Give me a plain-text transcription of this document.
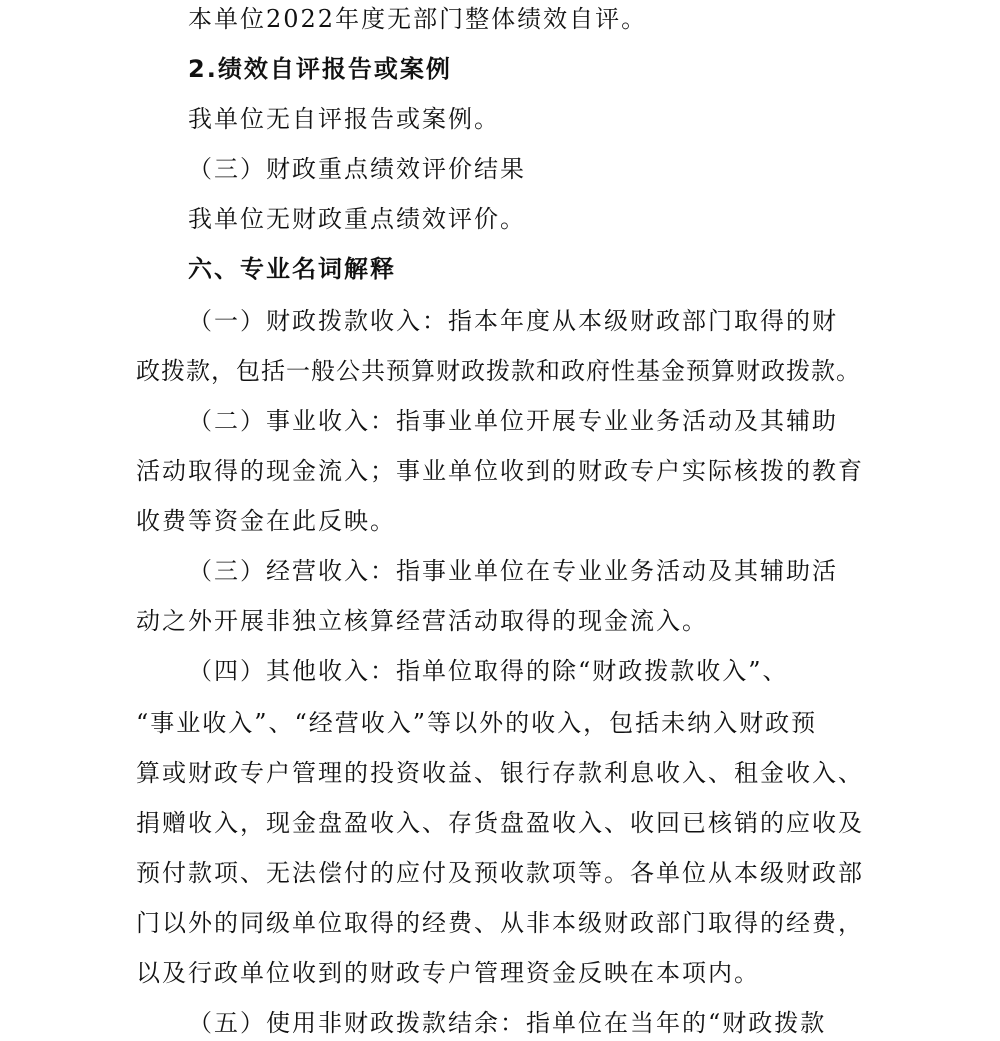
本单位2022年度无部门整体绩效自评。
2.绩效自评报告或案例
我单位无自评报告或案例。
（三）财政重点绩效评价结果
我单位无财政重点绩效评价。
六、专业名词解释
（一）财政拨款收入：指本年度从本级财政部门取得的财
政拨款，包括一般公共预算财政拨款和政府性基金预算财政拨款。
（二）事业收入：指事业单位开展专业业务活动及其辅助
活动取得的现金流入；事业单位收到的财政专户实际核拨的教育
收费等资金在此反映。
（三）经营收入：指事业单位在专业业务活动及其辅助活
动之外开展非独立核算经营活动取得的现金流入。
（四）其他收入：指单位取得的除“财政拨款收入”、
“事业收入”、“经营收入”等以外的收入，包括未纳入财政预
算或财政专户管理的投资收益、银行存款利息收入、租金收入、
捐赠收入，现金盘盈收入、存货盘盈收入、收回已核销的应收及
预付款项、无法偿付的应付及预收款项等。各单位从本级财政部
门以外的同级单位取得的经费、从非本级财政部门取得的经费，
以及行政单位收到的财政专户管理资金反映在本项内。
（五）使用非财政拨款结余：指单位在当年的“财政拨款
